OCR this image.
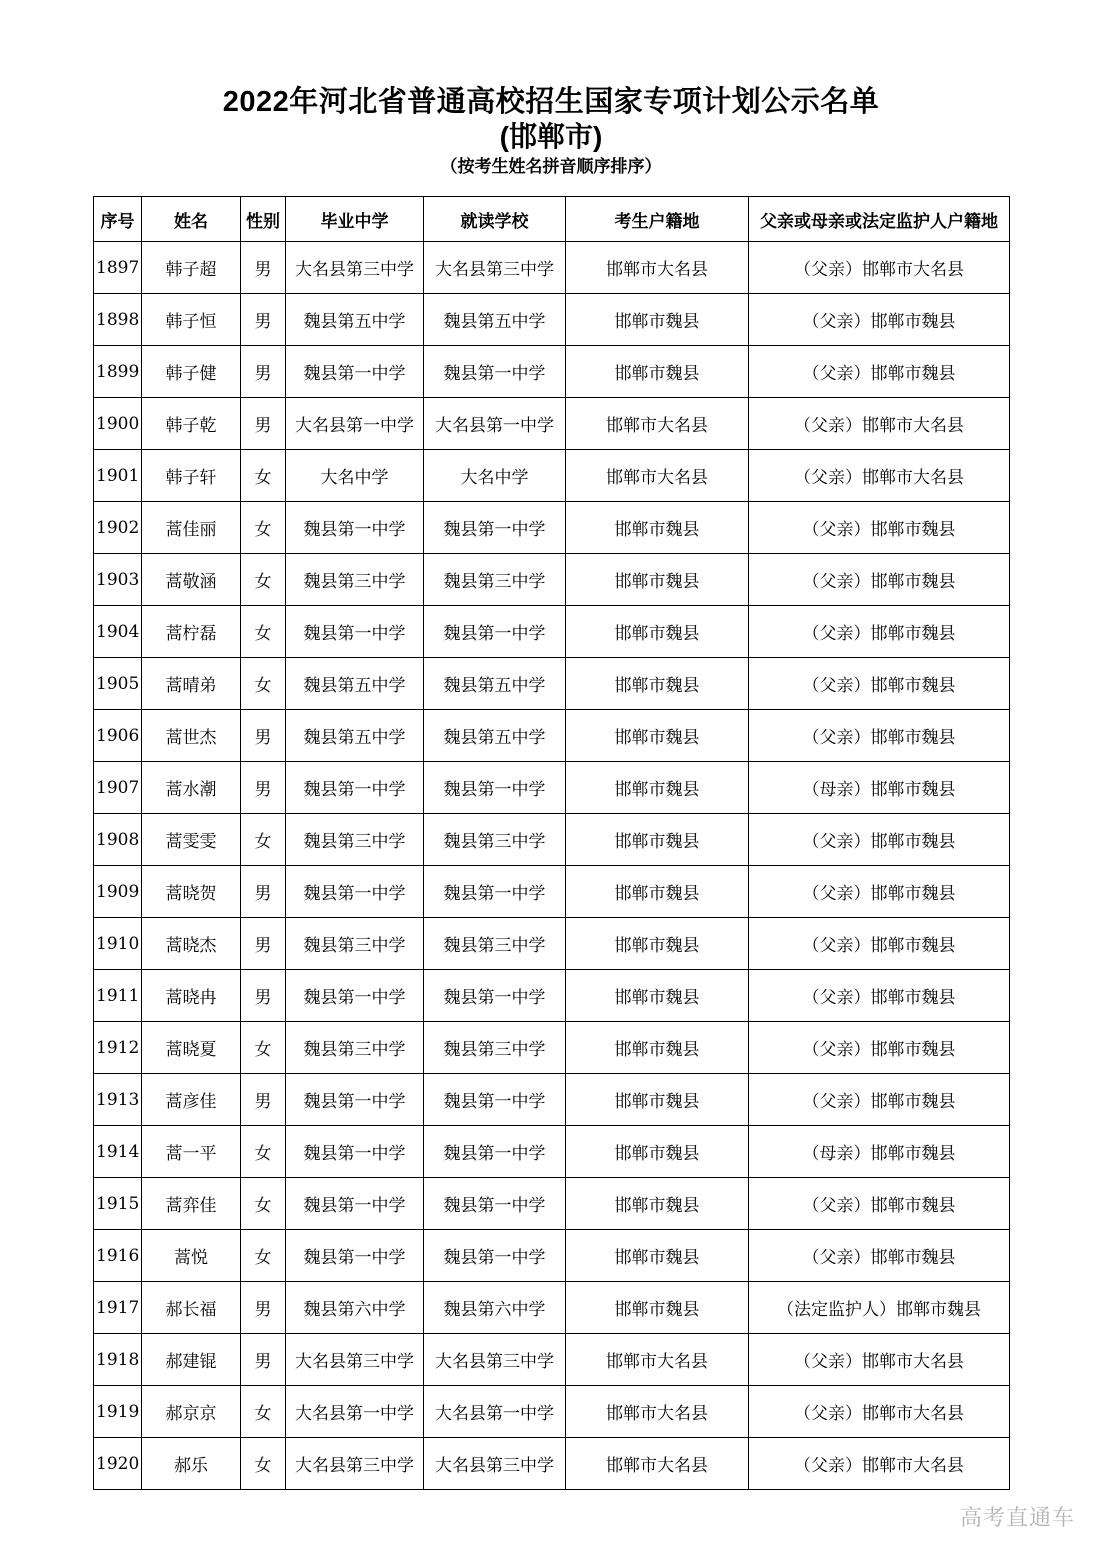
2022年河北省普通高校招生国家专项计划公示名单
(邯郸市)
（按考生姓名拼音顺序排序）
序号	姓名	性别	毕业中学	就读学校	考生户籍地	父亲或母亲或法定监护人户籍地
1897	韩子超	男	大名县第三中学	大名县第三中学	邯郸市大名县	（父亲）邯郸市大名县
1898	韩子恒	男	魏县第五中学	魏县第五中学	邯郸市魏县	（父亲）邯郸市魏县
1899	韩子健	男	魏县第一中学	魏县第一中学	邯郸市魏县	（父亲）邯郸市魏县
1900	韩子乾	男	大名县第一中学	大名县第一中学	邯郸市大名县	（父亲）邯郸市大名县
1901	韩子轩	女	大名中学	大名中学	邯郸市大名县	（父亲）邯郸市大名县
1902	蒿佳丽	女	魏县第一中学	魏县第一中学	邯郸市魏县	（父亲）邯郸市魏县
1903	蒿敬涵	女	魏县第三中学	魏县第三中学	邯郸市魏县	（父亲）邯郸市魏县
1904	蒿柠磊	女	魏县第一中学	魏县第一中学	邯郸市魏县	（父亲）邯郸市魏县
1905	蒿晴弟	女	魏县第五中学	魏县第五中学	邯郸市魏县	（父亲）邯郸市魏县
1906	蒿世杰	男	魏县第五中学	魏县第五中学	邯郸市魏县	（父亲）邯郸市魏县
1907	蒿水潮	男	魏县第一中学	魏县第一中学	邯郸市魏县	（母亲）邯郸市魏县
1908	蒿雯雯	女	魏县第三中学	魏县第三中学	邯郸市魏县	（父亲）邯郸市魏县
1909	蒿晓贺	男	魏县第一中学	魏县第一中学	邯郸市魏县	（父亲）邯郸市魏县
1910	蒿晓杰	男	魏县第三中学	魏县第三中学	邯郸市魏县	（父亲）邯郸市魏县
1911	蒿晓冉	男	魏县第一中学	魏县第一中学	邯郸市魏县	（父亲）邯郸市魏县
1912	蒿晓夏	女	魏县第三中学	魏县第三中学	邯郸市魏县	（父亲）邯郸市魏县
1913	蒿彦佳	男	魏县第一中学	魏县第一中学	邯郸市魏县	（父亲）邯郸市魏县
1914	蒿一平	女	魏县第一中学	魏县第一中学	邯郸市魏县	（母亲）邯郸市魏县
1915	蒿弈佳	女	魏县第一中学	魏县第一中学	邯郸市魏县	（父亲）邯郸市魏县
1916	蒿悦	女	魏县第一中学	魏县第一中学	邯郸市魏县	（父亲）邯郸市魏县
1917	郝长福	男	魏县第六中学	魏县第六中学	邯郸市魏县	（法定监护人）邯郸市魏县
1918	郝建锟	男	大名县第三中学	大名县第三中学	邯郸市大名县	（父亲）邯郸市大名县
1919	郝京京	女	大名县第一中学	大名县第一中学	邯郸市大名县	（父亲）邯郸市大名县
1920	郝乐	女	大名县第三中学	大名县第三中学	邯郸市大名县	（父亲）邯郸市大名县
高考直通车
